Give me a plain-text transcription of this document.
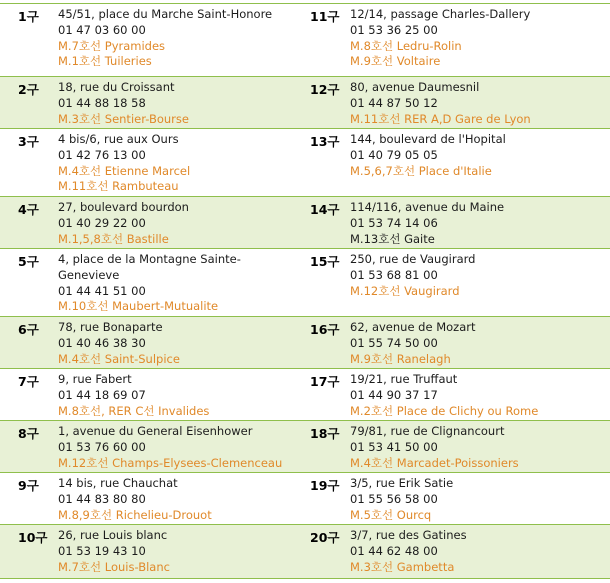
1구 45/51, place du Marche Saint-Honore
01 47 03 60 00
M.7호선 Pyramides
M.1호선 Tuileries
11구 12/14, passage Charles-Dallery
01 53 36 25 00
M.8호선 Ledru-Rolin
M.9호선 Voltaire
2구 18, rue du Croissant
01 44 88 18 58
M.3호선 Sentier-Bourse
12구 80, avenue Daumesnil
01 44 87 50 12
M.11호선 RER A,D Gare de Lyon
3구 4 bis/6, rue aux Ours
01 42 76 13 00
M.4호선 Etienne Marcel
M.11호선 Rambuteau
13구 144, boulevard de l'Hopital
01 40 79 05 05
M.5,6,7호선 Place d'Italie
4구 27, boulevard bourdon
01 40 29 22 00
M.1,5,8호선 Bastille
14구 114/116, avenue du Maine
01 53 74 14 06
M.13호선 Gaite
5구 4, place de la Montagne Sainte-
Genevieve
01 44 41 51 00
M.10호선 Maubert-Mutualite
15구 250, rue de Vaugirard
01 53 68 81 00
M.12호선 Vaugirard
6구 78, rue Bonaparte
01 40 46 38 30
M.4호선 Saint-Sulpice
16구 62, avenue de Mozart
01 55 74 50 00
M.9호선 Ranelagh
7구 9, rue Fabert
01 44 18 69 07
M.8호선, RER C선 Invalides
17구 19/21, rue Truffaut
01 44 90 37 17
M.2호선 Place de Clichy ou Rome
8구 1, avenue du General Eisenhower
01 53 76 60 00
M.12호선 Champs-Elysees-Clemenceau
18구 79/81, rue de Clignancourt
01 53 41 50 00
M.4호선 Marcadet-Poissoniers
9구 14 bis, rue Chauchat
01 44 83 80 80
M.8,9호선 Richelieu-Drouot
19구 3/5, rue Erik Satie
01 55 56 58 00
M.5호선 Ourcq
10구 26, rue Louis blanc
01 53 19 43 10
M.7호선 Louis-Blanc
20구 3/7, rue des Gatines
01 44 62 48 00
M.3호선 Gambetta
